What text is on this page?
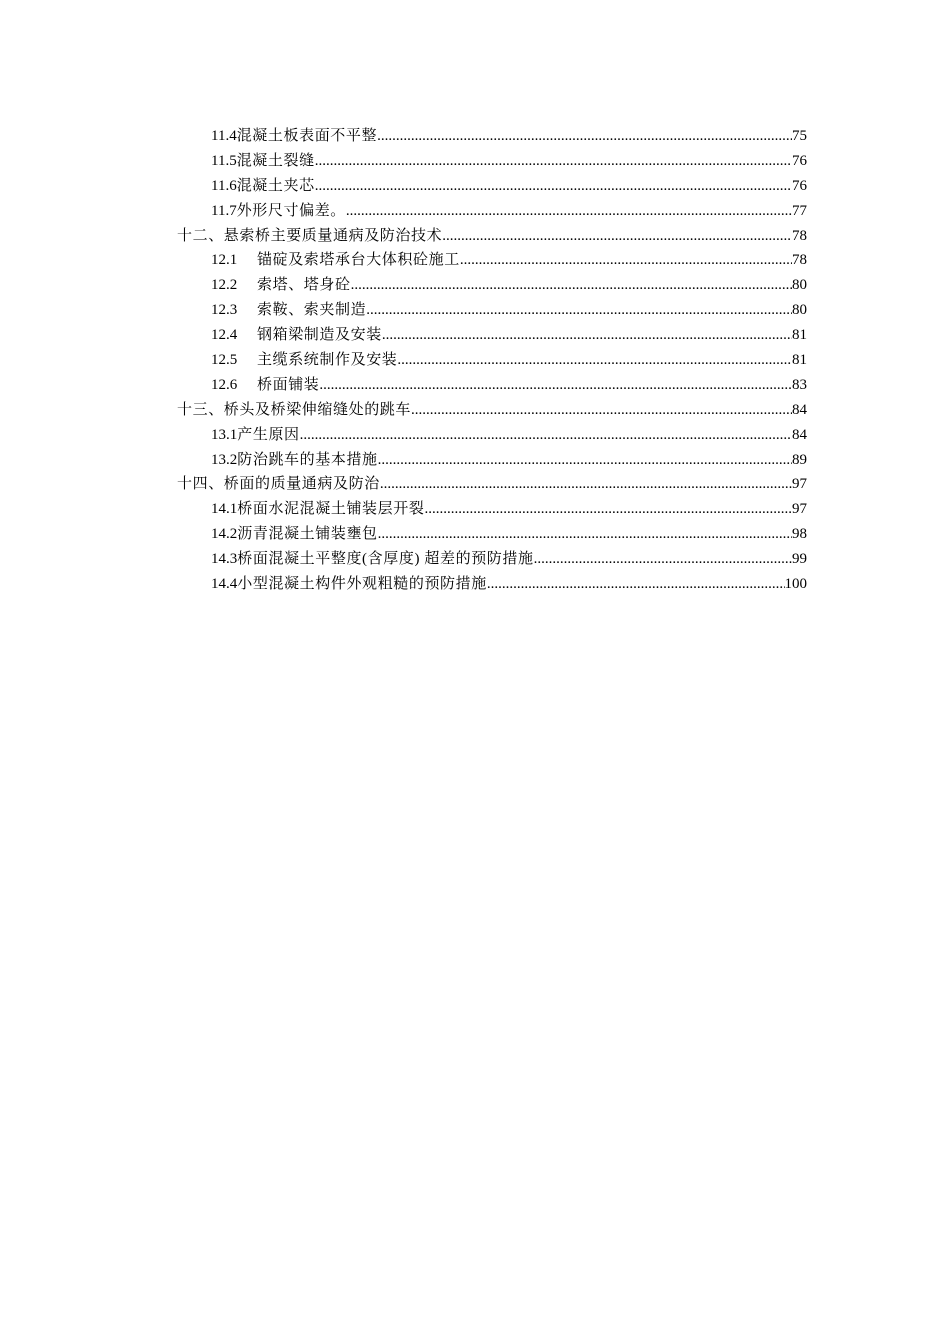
11.4 混凝土板表面不平整 .....	75
11.5 混凝土裂缝 .....	76
11.6 混凝土夹芯 .....	76
11.7 外形尺寸偏差。 .....	77
十二、悬索桥主要质量通病及防治技术 .....	78
12.1	锚碇及索塔承台大体积砼施工 .....	78
12.2	索塔、塔身砼 .....	80
12.3	索鞍、索夹制造 .....	80
12.4	钢箱梁制造及安装 .....	81
12.5	主缆系统制作及安装 .....	81
12.6	桥面铺装 .....	83
十三、桥头及桥梁伸缩缝处的跳车 .....	84
13.1 产生原因 .....	84
13.2 防治跳车的基本措施 .....	89
十四、桥面的质量通病及防治 .....	97
14.1 桥面水泥混凝土铺装层开裂 .....	97
14.2 沥青混凝土铺装壅包 .....	98
14.3 桥面混凝土平整度(含厚度) 超差的预防措施 .....	99
14.4 小型混凝土构件外观粗糙的预防措施 .....	100
